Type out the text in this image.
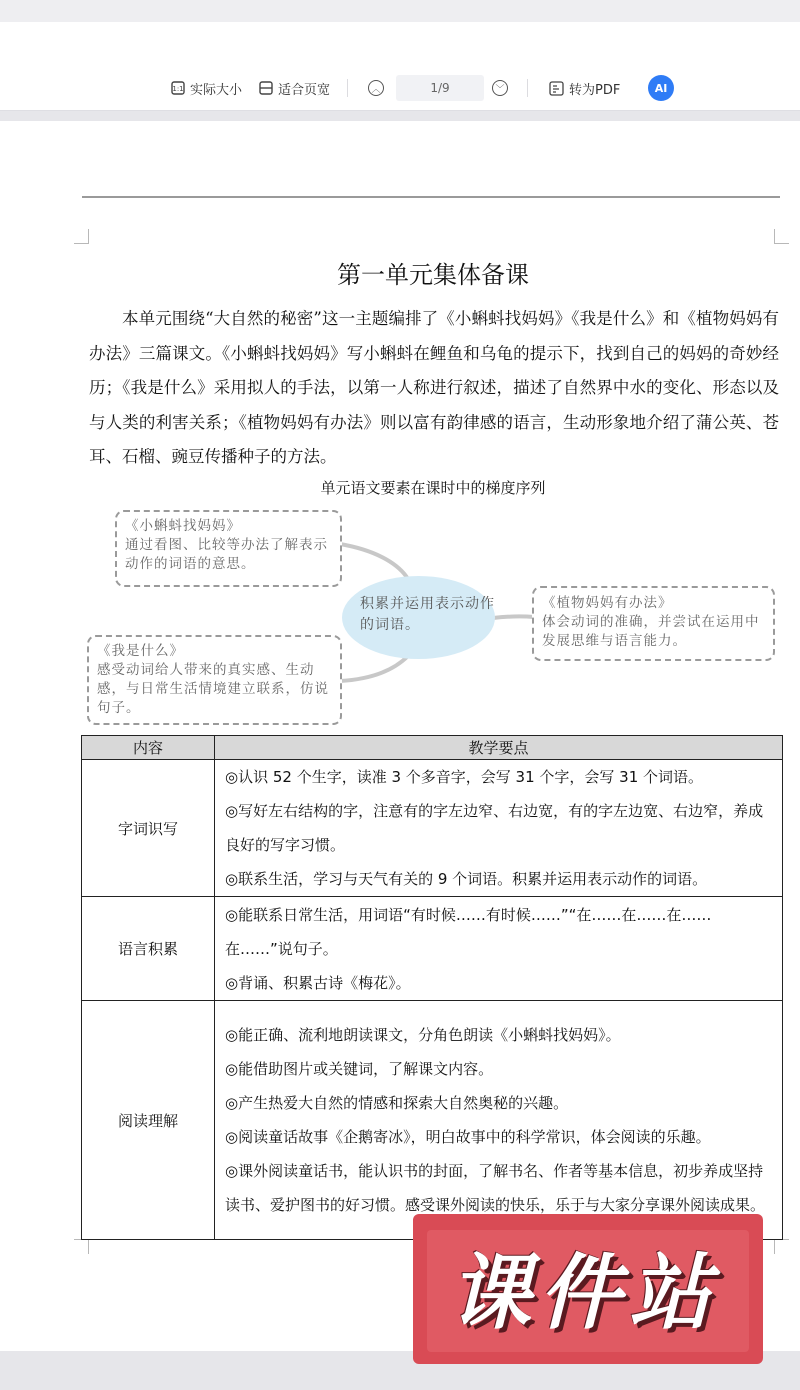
1:1 实际大小	适合页宽	︿	﹀	转为PDF
1/9	AI
第一单元集体备课

本单元围绕“大自然的秘密”这一主题编排了《小蝌蚪找妈妈》《我是什么》和《植物妈妈有办法》三篇课文。《小蝌蚪找妈妈》写小蝌蚪在鲤鱼和乌龟的提示下，找到自己的妈妈的奇妙经历；《我是什么》采用拟人的手法，以第一人称进行叙述，描述了自然界中水的变化、形态以及与人类的利害关系；《植物妈妈有办法》则以富有韵律感的语言，生动形象地介绍了蒲公英、苍耳、石榴、豌豆传播种子的方法。

单元语文要素在课时中的梯度序列
《小蝌蚪找妈妈》
通过看图、比较等办法了解表示动作的词语的意思。
积累并运用表示动作的词语。
《植物妈妈有办法》
体会动词的准确，并尝试在运用中发展思维与语言能力。
《我是什么》
感受动词给人带来的真实感、生动感，与日常生活情境建立联系，仿说句子。
内容	教学要点
字词识写	◎认识 52 个生字，读准 3 个多音字，会写 31 个字，会写 31 个词语。

◎写好左右结构的字，注意有的字左边窄、右边宽，有的字左边宽、右边窄，养成良好的写字习惯。

◎联系生活，学习与天气有关的 9 个词语。积累并运用表示动作的词语。

语言积累	◎能联系日常生活，用词语“有时候……有时候……”“在……在……在……在……”说句子。

◎背诵、积累古诗《梅花》。

阅读理解	◎能正确、流利地朗读课文，分角色朗读《小蝌蚪找妈妈》。

◎能借助图片或关键词，了解课文内容。

◎产生热爱大自然的情感和探索大自然奥秘的兴趣。

◎阅读童话故事《企鹅寄冰》，明白故事中的科学常识，体会阅读的乐趣。

◎课外阅读童话书，能认识书的封面，了解书名、作者等基本信息，初步养成坚持读书、爱护图书的好习惯。感受课外阅读的快乐，乐于与大家分享课外阅读成果。

课件站
